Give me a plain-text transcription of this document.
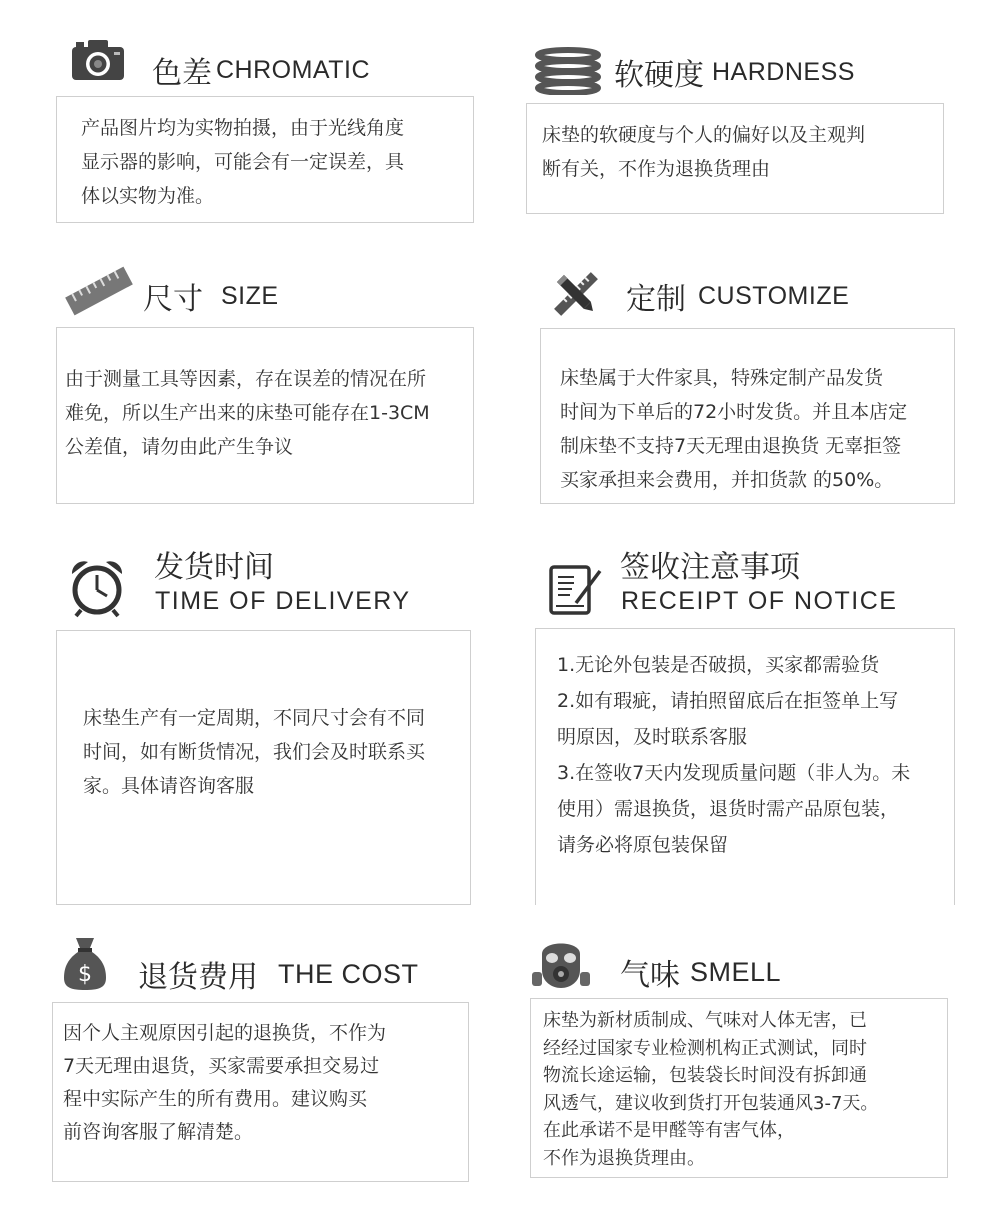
色差 CHROMATIC

产品图片均为实物拍摄，由于光线角度

显示器的影响，可能会有一定误差，具

体以实物为准。

软硬度 HARDNESS

床垫的软硬度与个人的偏好以及主观判

断有关，不作为退换货理由

尺寸 SIZE

由于测量工具等因素，存在误差的情况在所

难免，所以生产出来的床垫可能存在1-3CM

公差值，请勿由此产生争议

定制 CUSTOMIZE

床垫属于大件家具，特殊定制产品发货

时间为下单后的72小时发货。并且本店定

制床垫不支持7天无理由退换货 无辜拒签

买家承担来会费用，并扣货款 的50%。

发货时间
TIME OF DELIVERY

床垫生产有一定周期，不同尺寸会有不同

时间，如有断货情况，我们会及时联系买

家。具体请咨询客服

签收注意事项
RECEIPT OF NOTICE

1.无论外包装是否破损，买家都需验货

2.如有瑕疵，请拍照留底后在拒签单上写

明原因，及时联系客服

3.在签收7天内发现质量问题（非人为。未

使用）需退换货，退货时需产品原包装，

请务必将原包装保留

$ 退货费用 THE COST

因个人主观原因引起的退换货，不作为

7天无理由退货，买家需要承担交易过

程中实际产生的所有费用。建议购买

前咨询客服了解清楚。

气味 SMELL

床垫为新材质制成、气味对人体无害，已

经经过国家专业检测机构正式测试，同时

物流长途运输，包装袋长时间没有拆卸通

风透气，建议收到货打开包装通风3-7天。

在此承诺不是甲醛等有害气体，

不作为退换货理由。
